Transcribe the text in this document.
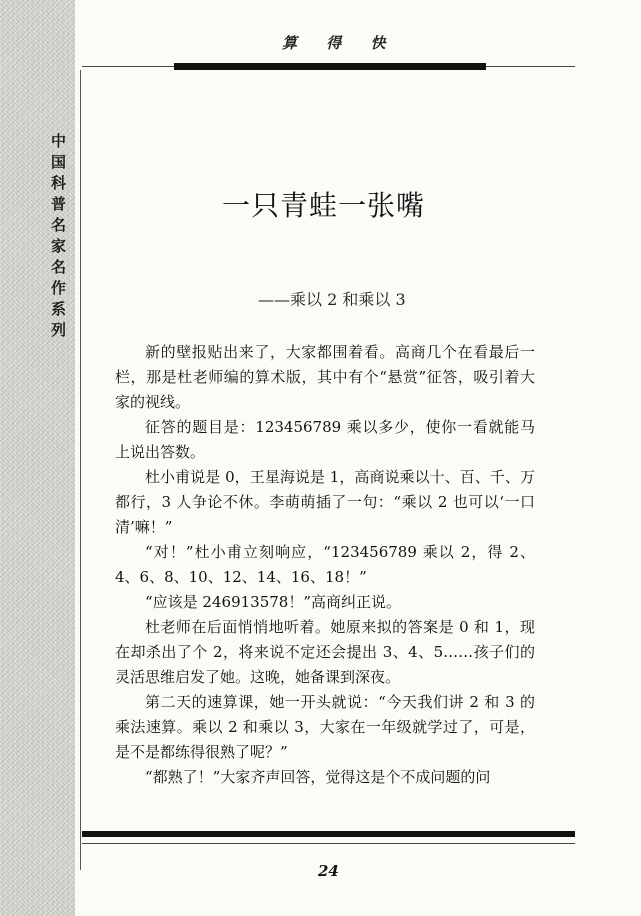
中国科普名家名作系列
算 得 快
一只青蛙一张嘴
——乘以 2 和乘以 3

新的壁报贴出来了，大家都围着看。高商几个在看最后一栏，那是杜老师编的算术版，其中有个“悬赏”征答，吸引着大家的视线。

征答的题目是：123456789 乘以多少，使你一看就能马上说出答数。

杜小甫说是 0，王星海说是 1，高商说乘以十、百、千、万都行，3 人争论不休。李萌萌插了一句：“乘以 2 也可以‘一口清’嘛！”

“对！”杜小甫立刻响应，“123456789 乘以 2，得 2、4、6、8、10、12、14、16、18！”

“应该是 246913578！”高商纠正说。

杜老师在后面悄悄地听着。她原来拟的答案是 0 和 1，现在却杀出了个 2，将来说不定还会提出 3、4、5……孩子们的灵活思维启发了她。这晚，她备课到深夜。

第二天的速算课，她一开头就说：“今天我们讲 2 和 3 的乘法速算。乘以 2 和乘以 3，大家在一年级就学过了，可是，是不是都练得很熟了呢？”

“都熟了！”大家齐声回答，觉得这是个不成问题的问

24
